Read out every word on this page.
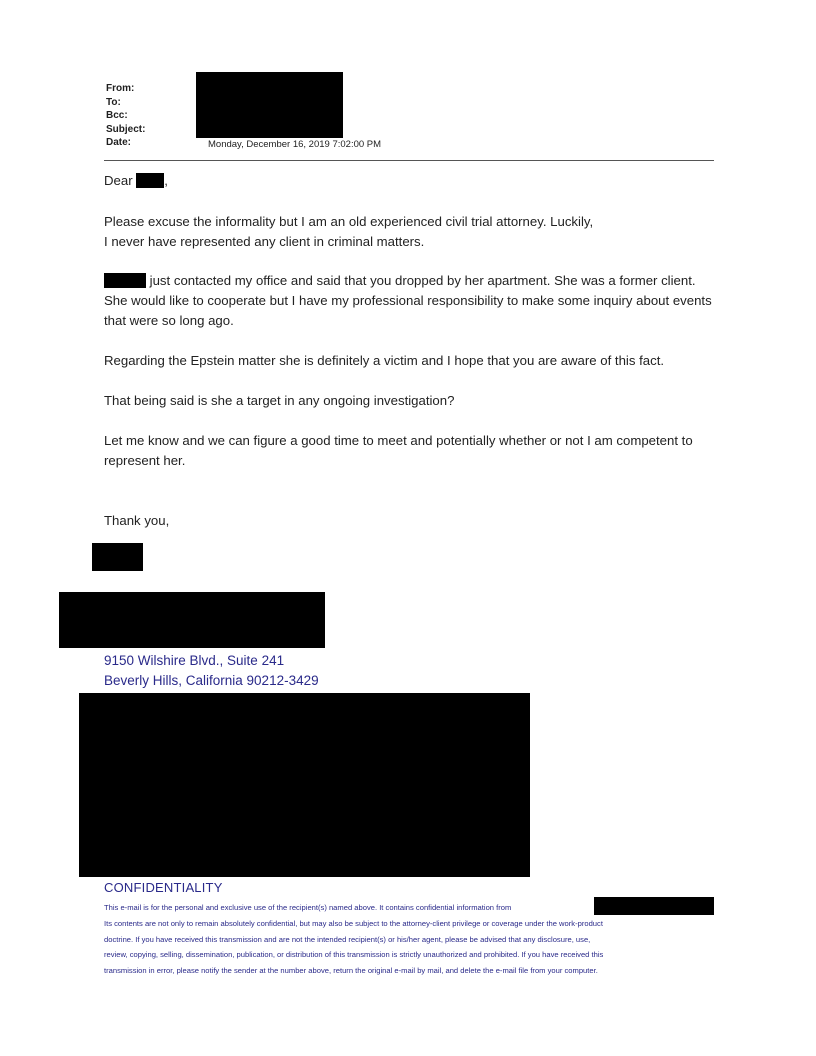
From:
To:
Bcc:
Subject:
Date:	Monday, December 16, 2019 7:02:00 PM
Dear ,

Please excuse the informality but I am an old experienced civil trial attorney. Luckily,

I never have represented any client in criminal matters.

just contacted my office and said that you dropped by her apartment. She was a former client. She would like to cooperate but I have my professional responsibility to make some inquiry about events that were so long ago.

Regarding the Epstein matter she is definitely a victim and I hope that you are aware of this fact.

That being said is she a target in any ongoing investigation?

Let me know and we can figure a good time to meet and potentially whether or not I am competent to represent her.

Thank you,

9150 Wilshire Blvd., Suite 241
Beverly Hills, California 90212-3429
CONFIDENTIALITY
This e-mail is for the personal and exclusive use of the recipient(s) named above. It contains confidential information from
Its contents are not only to remain absolutely confidential, but may also be subject to the attorney-client privilege or coverage under the work-product
doctrine. If you have received this transmission and are not the intended recipient(s) or his/her agent, please be advised that any disclosure, use,
review, copying, selling, dissemination, publication, or distribution of this transmission is strictly unauthorized and prohibited. If you have received this
transmission in error, please notify the sender at the number above, return the original e-mail by mail, and delete the e-mail file from your computer.
